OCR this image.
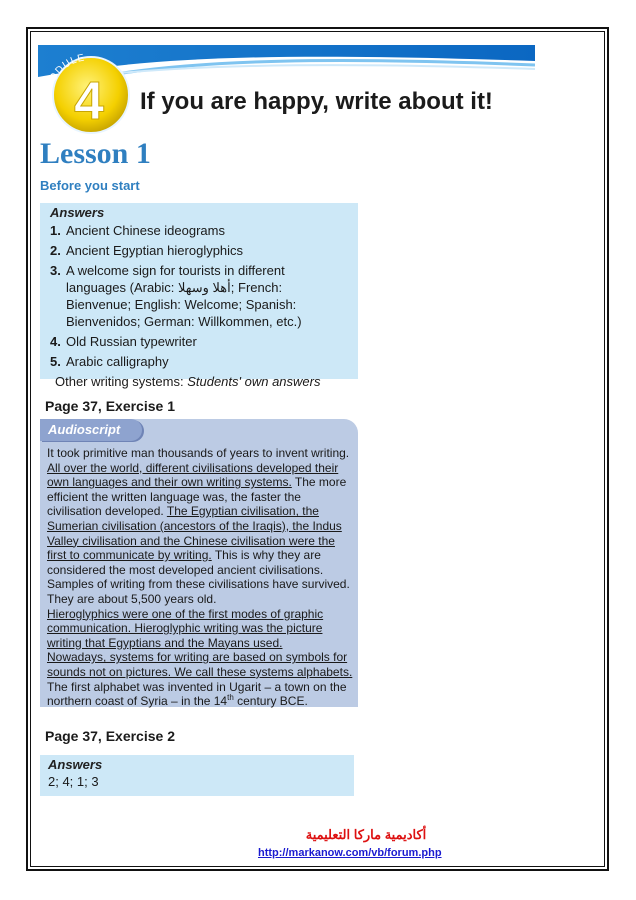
MODULE
4 If you are happy, write about it!
Lesson 1
Before you start
Answers
1. Ancient Chinese ideograms
2. Ancient Egyptian hieroglyphics
3. A welcome sign for tourists in different languages (Arabic: أهلا وسهلا; French: Bienvenue; English: Welcome; Spanish: Bienvenidos; German: Willkommen, etc.)
4. Old Russian typewriter
5. Arabic calligraphy
Other writing systems: Students' own answers
Page 37, Exercise 1
Audioscript

It took primitive man thousands of years to invent writing. All over the world, different civilisations developed their own languages and their own writing systems. The more efficient the written language was, the faster the civilisation developed. The Egyptian civilisation, the Sumerian civilisation (ancestors of the Iraqis), the Indus Valley civilisation and the Chinese civilisation were the first to communicate by writing. This is why they are considered the most developed ancient civilisations. Samples of writing from these civilisations have survived. They are about 5,500 years old.

Hieroglyphics were one of the first modes of graphic communication. Hieroglyphic writing was the picture writing that Egyptians and the Mayans used.

Nowadays, systems for writing are based on symbols for sounds not on pictures. We call these systems alphabets.

The first alphabet was invented in Ugarit – a town on the northern coast of Syria – in the 14th century BCE.

Page 37, Exercise 2
Answers
2; 4; 1; 3
أكاديمية ماركا التعليمية
http://markanow.com/vb/forum.php
